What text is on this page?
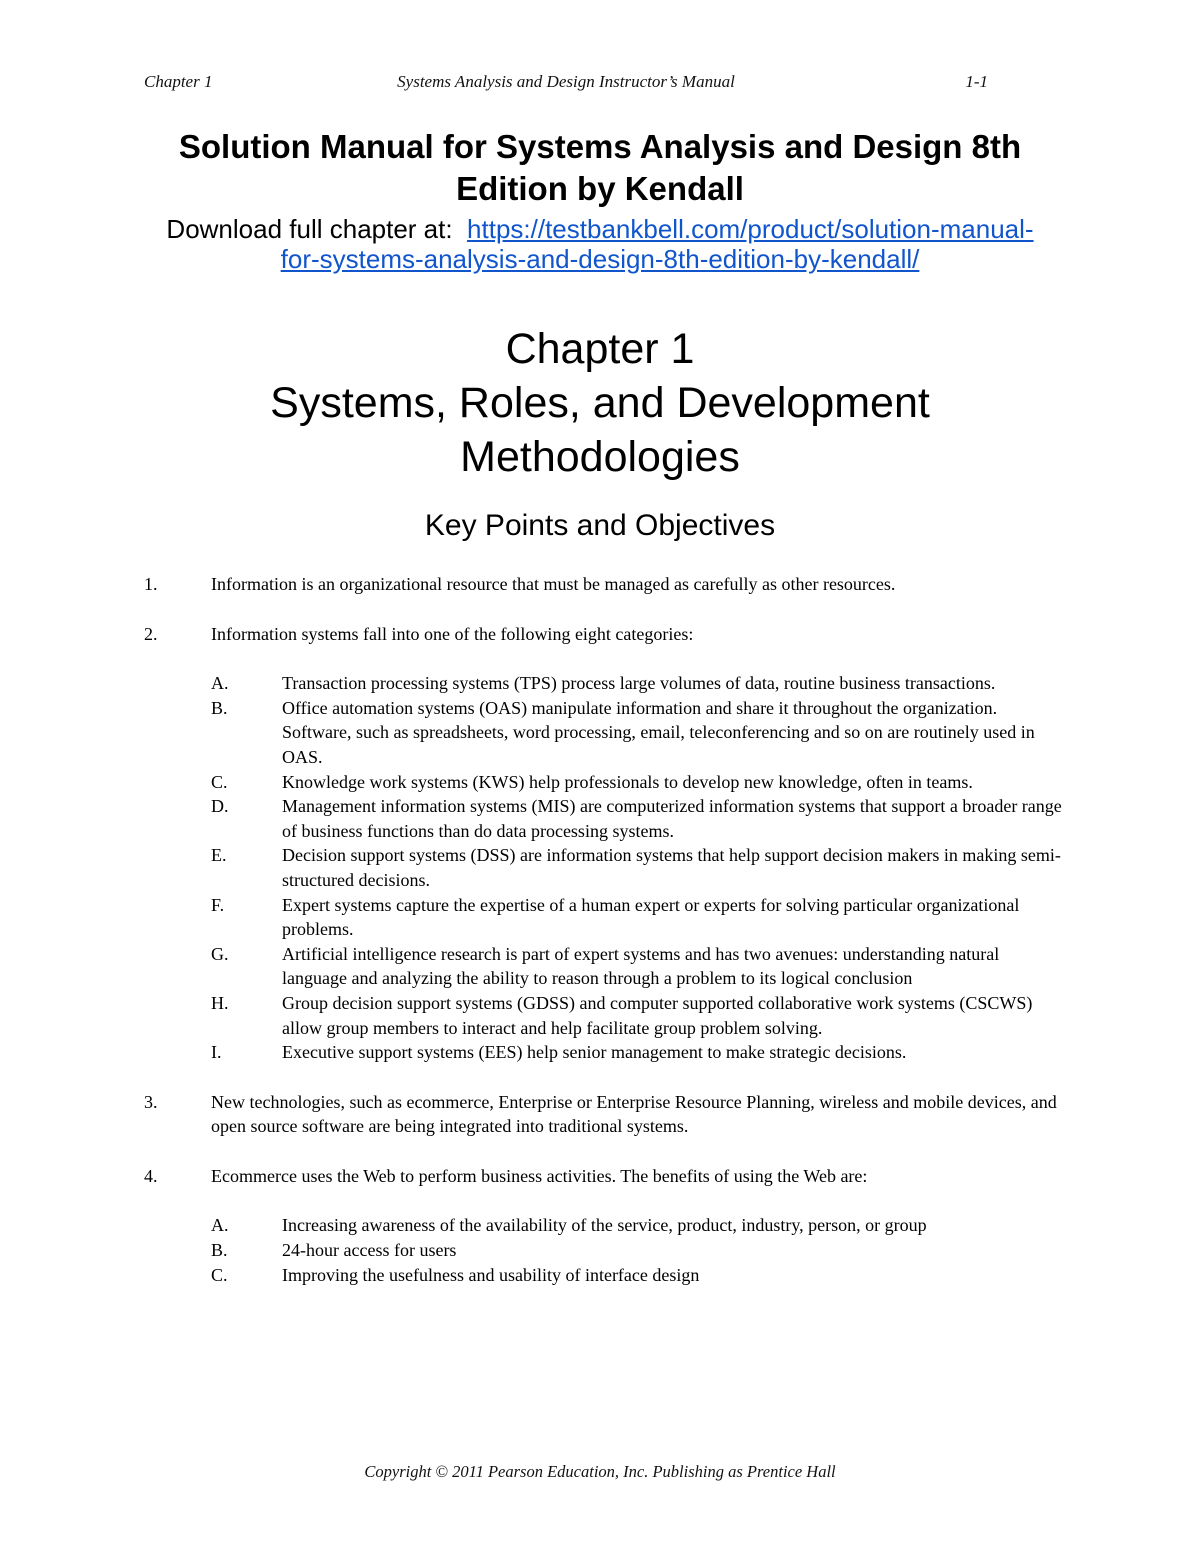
Chapter 1	Systems Analysis and Design Instructor’s Manual	1-1
Solution Manual for Systems Analysis and Design 8th
Edition by Kendall
Download full chapter at: https://testbankbell.com/product/solution-manual-
for-systems-analysis-and-design-8th-edition-by-kendall/
Chapter 1
Systems, Roles, and Development
Methodologies
Key Points and Objectives
1.	Information is an organizational resource that must be managed as carefully as other resources.
2.	Information systems fall into one of the following eight categories:
A.	Transaction processing systems (TPS) process large volumes of data, routine business transactions.
B.	Office automation systems (OAS) manipulate information and share it throughout the organization. Software, such as spreadsheets, word processing, email, teleconferencing and so on are routinely used in OAS.
C.	Knowledge work systems (KWS) help professionals to develop new knowledge, often in teams.
D.	Management information systems (MIS) are computerized information systems that support a broader range of business functions than do data processing systems.
E.	Decision support systems (DSS) are information systems that help support decision makers in making semi-structured decisions.
F.	Expert systems capture the expertise of a human expert or experts for solving particular organizational problems.
G.	Artificial intelligence research is part of expert systems and has two avenues: understanding natural language and analyzing the ability to reason through a problem to its logical conclusion
H.	Group decision support systems (GDSS) and computer supported collaborative work systems (CSCWS) allow group members to interact and help facilitate group problem solving.
I.	Executive support systems (EES) help senior management to make strategic decisions.
3.	New technologies, such as ecommerce, Enterprise or Enterprise Resource Planning, wireless and mobile devices, and open source software are being integrated into traditional systems.
4.	Ecommerce uses the Web to perform business activities. The benefits of using the Web are:
A.	Increasing awareness of the availability of the service, product, industry, person, or group
B.	24-hour access for users
C.	Improving the usefulness and usability of interface design
Copyright © 2011 Pearson Education, Inc. Publishing as Prentice Hall
